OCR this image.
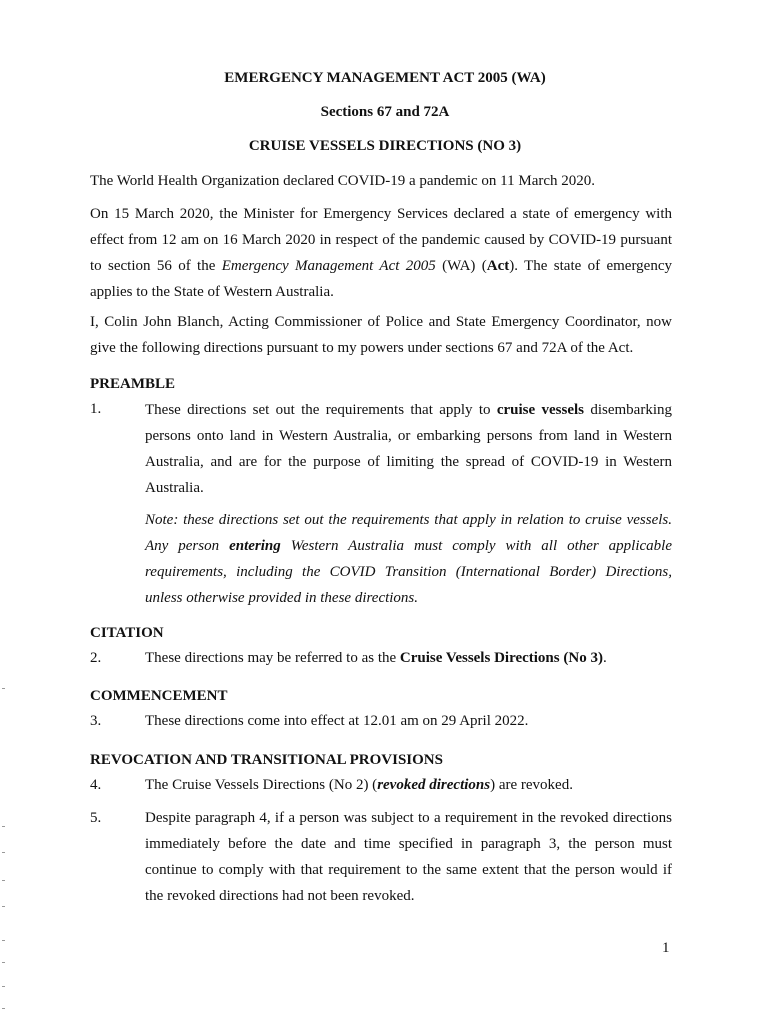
EMERGENCY MANAGEMENT ACT 2005 (WA)
Sections 67 and 72A
CRUISE VESSELS DIRECTIONS (NO 3)
The World Health Organization declared COVID-19 a pandemic on 11 March 2020.
On 15 March 2020, the Minister for Emergency Services declared a state of emergency with effect from 12 am on 16 March 2020 in respect of the pandemic caused by COVID-19 pursuant to section 56 of the Emergency Management Act 2005 (WA) (Act). The state of emergency applies to the State of Western Australia.
I, Colin John Blanch, Acting Commissioner of Police and State Emergency Coordinator, now give the following directions pursuant to my powers under sections 67 and 72A of the Act.
PREAMBLE
1.	These directions set out the requirements that apply to cruise vessels disembarking persons onto land in Western Australia, or embarking persons from land in Western Australia, and are for the purpose of limiting the spread of COVID-19 in Western Australia.
Note: these directions set out the requirements that apply in relation to cruise vessels. Any person entering Western Australia must comply with all other applicable requirements, including the COVID Transition (International Border) Directions, unless otherwise provided in these directions.
CITATION
2.	These directions may be referred to as the Cruise Vessels Directions (No 3).
COMMENCEMENT
3.	These directions come into effect at 12.01 am on 29 April 2022.
REVOCATION AND TRANSITIONAL PROVISIONS
4.	The Cruise Vessels Directions (No 2) (revoked directions) are revoked.
5.	Despite paragraph 4, if a person was subject to a requirement in the revoked directions immediately before the date and time specified in paragraph 3, the person must continue to comply with that requirement to the same extent that the person would if the revoked directions had not been revoked.
1
